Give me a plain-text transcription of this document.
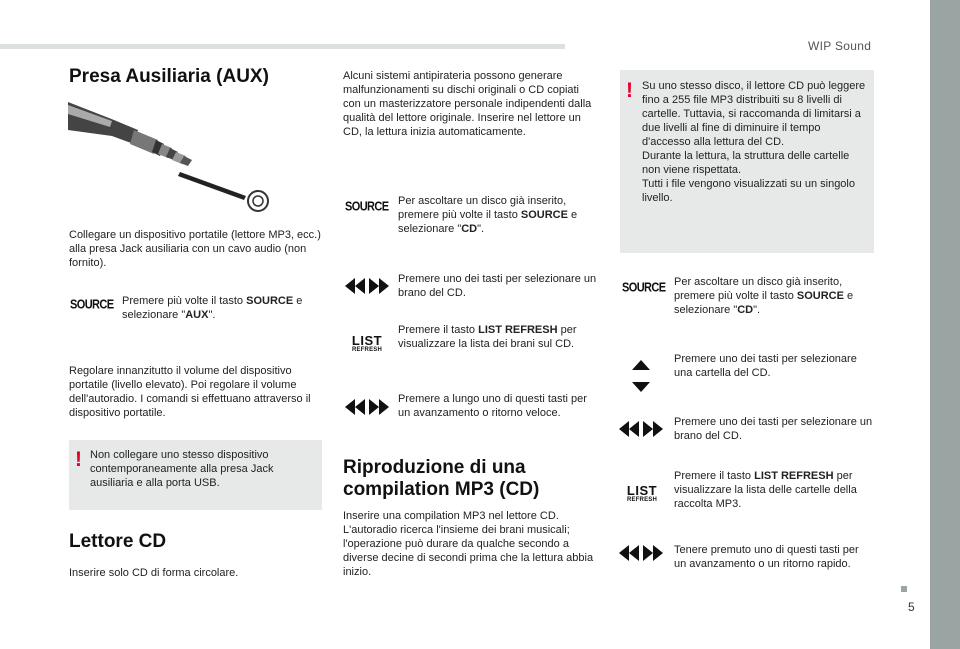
WIP Sound
5
Presa Ausiliaria (AUX)

Collegare un dispositivo portatile (lettore MP3, ecc.) alla presa Jack ausiliaria con un cavo audio (non fornito).

SOURCE Premere più volte il tasto SOURCE e selezionare "AUX".

Regolare innanzitutto il volume del dispositivo portatile (livello elevato). Poi regolare il volume dell'autoradio. I comandi si effettuano attraverso il dispositivo portatile.

! Non collegare uno stesso dispositivo contemporaneamente alla presa Jack ausiliaria e alla porta USB.

Lettore CD

Inserire solo CD di forma circolare.

Alcuni sistemi antipirateria possono generare malfunzionamenti su dischi originali o CD copiati con un masterizzatore personale indipendenti dalla qualità del lettore originale. Inserire nel lettore un CD, la lettura inizia automaticamente.

SOURCE Per ascoltare un disco già inserito, premere più volte il tasto SOURCE e selezionare "CD".

Premere uno dei tasti per selezionare un brano del CD.

LIST
REFRESH

Premere il tasto LIST REFRESH per visualizzare la lista dei brani sul CD.

Premere a lungo uno di questi tasti per un avanzamento o ritorno veloce.

Riproduzione di una compilation MP3 (CD)

Inserire una compilation MP3 nel lettore CD. L'autoradio ricerca l'insieme dei brani musicali; l'operazione può durare da qualche secondo a diverse decine di secondi prima che la lettura abbia inizio.

! Su uno stesso disco, il lettore CD può leggere fino a 255 file MP3 distribuiti su 8 livelli di cartelle. Tuttavia, si raccomanda di limitarsi a due livelli al fine di diminuire il tempo d'accesso alla lettura del CD.
Durante la lettura, la struttura delle cartelle non viene rispettata.
Tutti i file vengono visualizzati su un singolo livello.

SOURCE Per ascoltare un disco già inserito, premere più volte il tasto SOURCE e selezionare "CD".

Premere uno dei tasti per selezionare una cartella del CD.

Premere uno dei tasti per selezionare un brano del CD.

LIST
REFRESH

Premere il tasto LIST REFRESH per visualizzare la lista delle cartelle della raccolta MP3.

Tenere premuto uno di questi tasti per un avanzamento o un ritorno rapido.
